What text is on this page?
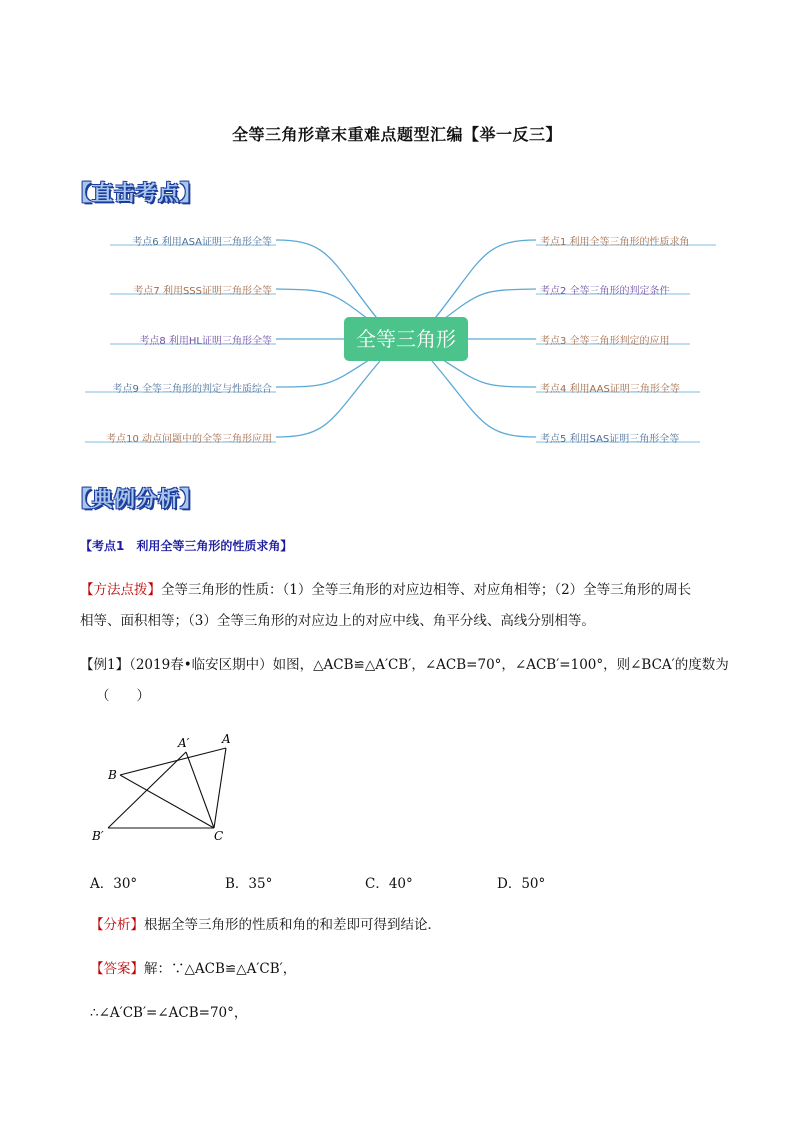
全等三角形章末重难点题型汇编【举一反三】
【直击考点】
考点6 利用ASA证明三角形全等
考点7 利用SSS证明三角形全等
考点8 利用HL证明三角形全等
考点9 全等三角形的判定与性质综合
考点10 动点问题中的全等三角形应用
考点1 利用全等三角形的性质求角
考点2 全等三角形的判定条件
考点3 全等三角形判定的应用
考点4 利用AAS证明三角形全等
考点5 利用SAS证明三角形全等
全等三角形
【典例分析】
【考点1　利用全等三角形的性质求角】
【方法点拨】全等三角形的性质：（1）全等三角形的对应边相等、对应角相等；（2）全等三角形的周长
相等、面积相等；（3）全等三角形的对应边上的对应中线、角平分线、高线分别相等。
【例1】（2019春•临安区期中）如图，△ACB≌△A′CB′，∠ACB=70°，∠ACB′=100°，则∠BCA′的度数为
（　　）
A′	A
B
B′	C
A．30°	B．35°	C．40°	D．50°
【分析】根据全等三角形的性质和角的和差即可得到结论．
【答案】解：∵△ACB≌△A′CB′，
∴∠A′CB′=∠ACB=70°，
